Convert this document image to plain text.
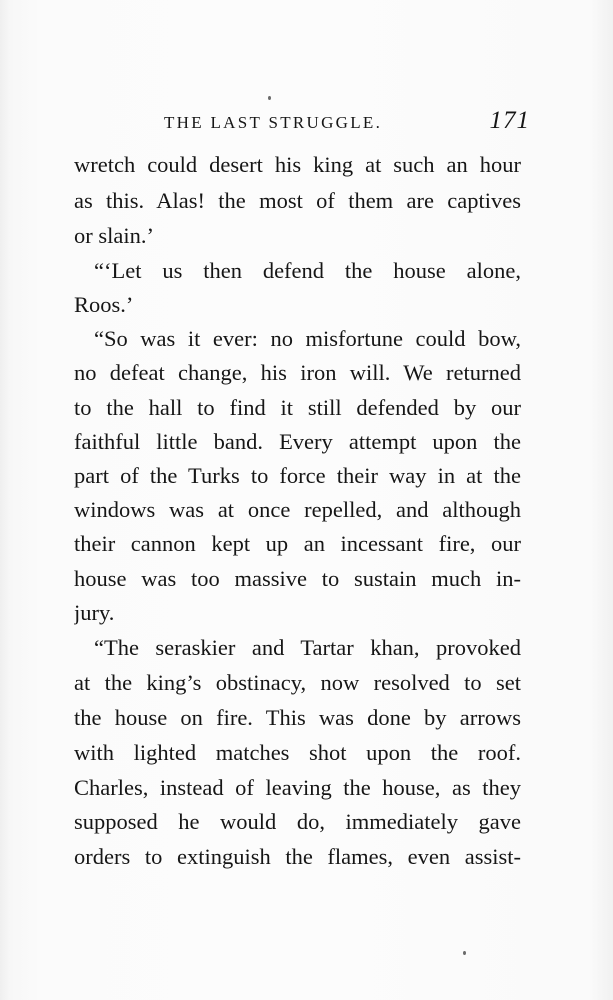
THE LAST STRUGGLE.	171
wretch could desert his king at such an hour
as this. Alas! the most of them are captives
or slain.’
“‘Let us then defend the house alone,
Roos.’
“So was it ever: no misfortune could bow,
no defeat change, his iron will. We returned
to the hall to find it still defended by our
faithful little band. Every attempt upon the
part of the Turks to force their way in at the
windows was at once repelled, and although
their cannon kept up an incessant fire, our
house was too massive to sustain much in-
jury.
“The seraskier and Tartar khan, provoked
at the king’s obstinacy, now resolved to set
the house on fire. This was done by arrows
with lighted matches shot upon the roof.
Charles, instead of leaving the house, as they
supposed he would do, immediately gave
orders to extinguish the flames, even assist-
